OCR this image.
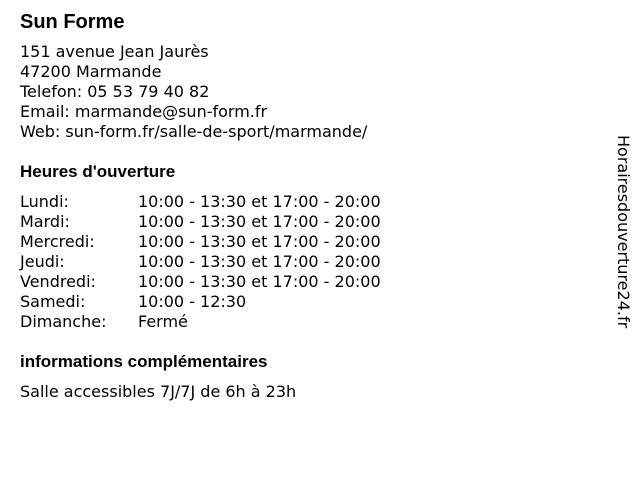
Sun Forme
151 avenue Jean Jaurès
47200 Marmande
Telefon: 05 53 79 40 82
Email: marmande@sun-form.fr
Web: sun-form.fr/salle-de-sport/marmande/
Heures d'ouverture
Lundi:	10:00 - 13:30 et 17:00 - 20:00
Mardi:	10:00 - 13:30 et 17:00 - 20:00
Mercredi:	10:00 - 13:30 et 17:00 - 20:00
Jeudi:	10:00 - 13:30 et 17:00 - 20:00
Vendredi:	10:00 - 13:30 et 17:00 - 20:00
Samedi:	10:00 - 12:30
Dimanche:	Fermé
informations complémentaires
Salle accessibles 7J/7J de 6h à 23h
Horairesdouverture24.fr
